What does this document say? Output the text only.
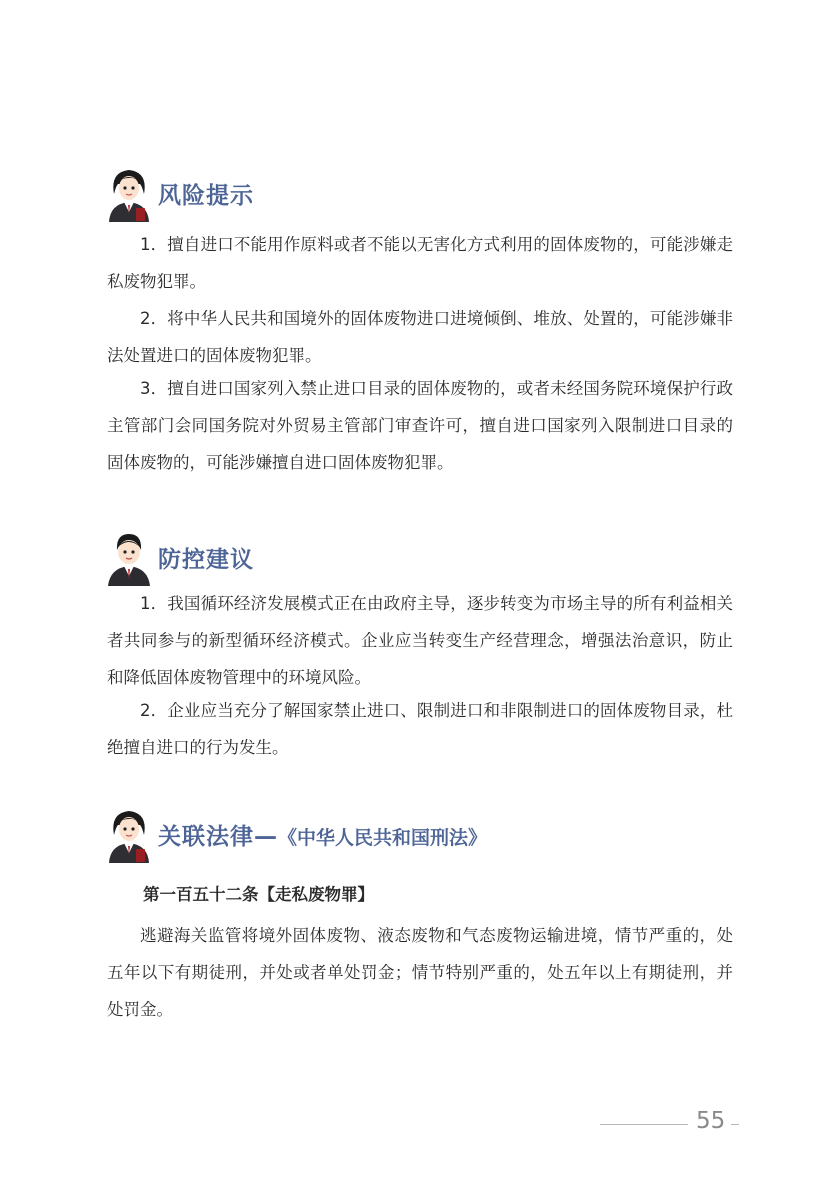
风险提示

1．擅自进口不能用作原料或者不能以无害化方式利用的固体废物的，可能涉嫌走私废物犯罪。

2．将中华人民共和国境外的固体废物进口进境倾倒、堆放、处置的，可能涉嫌非法处置进口的固体废物犯罪。

3．擅自进口国家列入禁止进口目录的固体废物的，或者未经国务院环境保护行政主管部门会同国务院对外贸易主管部门审查许可，擅自进口国家列入限制进口目录的固体废物的，可能涉嫌擅自进口固体废物犯罪。

防控建议

1．我国循环经济发展模式正在由政府主导，逐步转变为市场主导的所有利益相关者共同参与的新型循环经济模式。企业应当转变生产经营理念，增强法治意识，防止和降低固体废物管理中的环境风险。

2．企业应当充分了解国家禁止进口、限制进口和非限制进口的固体废物目录，杜绝擅自进口的行为发生。

关联法律—《中华人民共和国刑法》
第一百五十二条【走私废物罪】

逃避海关监管将境外固体废物、液态废物和气态废物运输进境，情节严重的，处五年以下有期徒刑，并处或者单处罚金；情节特别严重的，处五年以上有期徒刑，并处罚金。

55
